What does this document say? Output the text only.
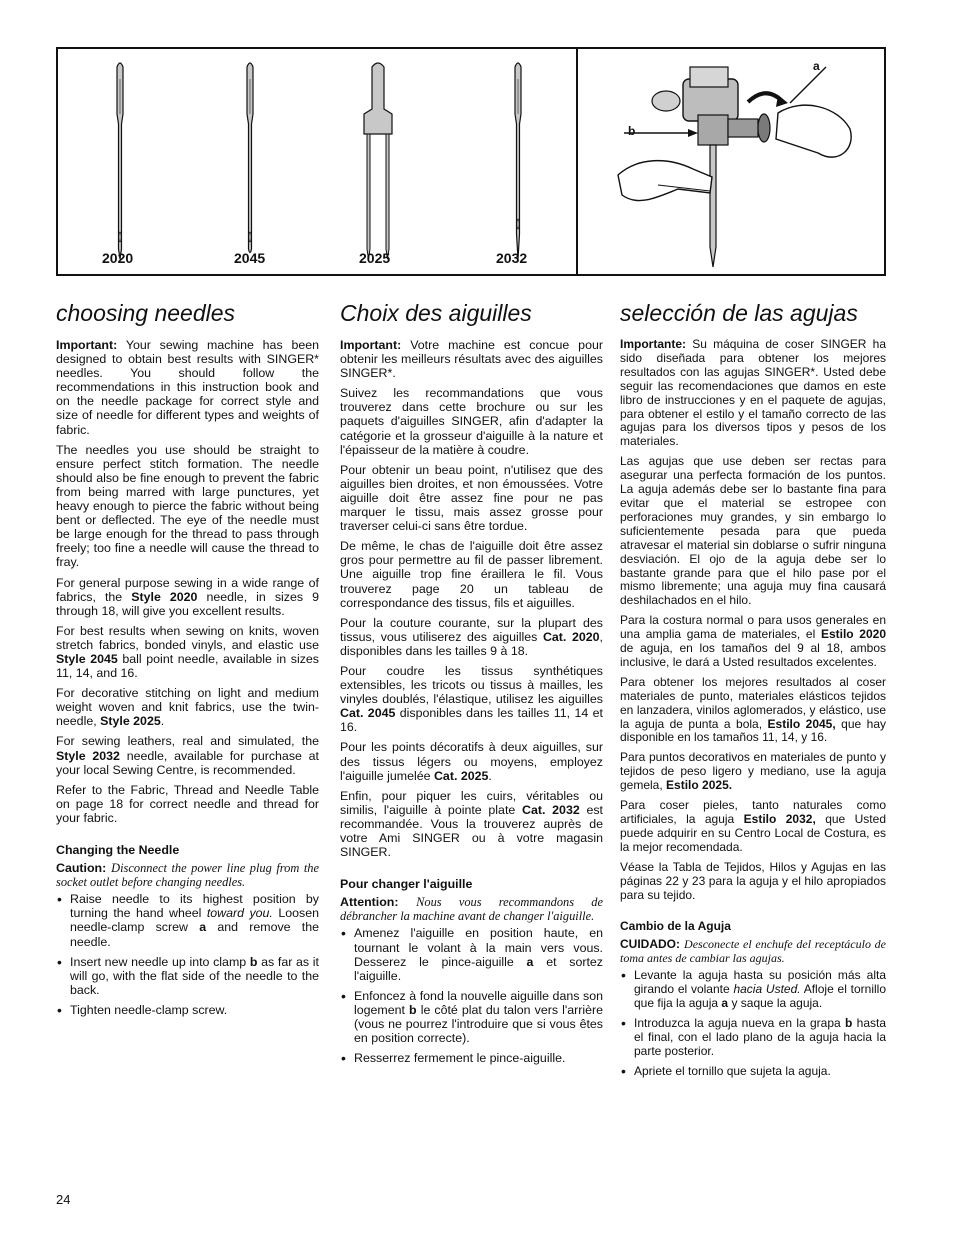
2020	2045	2025	2032
a
b
choosing needles

Important: Your sewing machine has been designed to obtain best results with SINGER* needles. You should follow the recommendations in this instruction book and on the needle package for correct style and size of needle for different types and weights of fabric.

The needles you use should be straight to ensure perfect stitch formation. The needle should also be fine enough to prevent the fabric from being marred with large punctures, yet heavy enough to pierce the fabric without being bent or deflected. The eye of the needle must be large enough for the thread to pass through freely; too fine a needle will cause the thread to fray.

For general purpose sewing in a wide range of fabrics, the Style 2020 needle, in sizes 9 through 18, will give you excellent results.

For best results when sewing on knits, woven stretch fabrics, bonded vinyls, and elastic use Style 2045 ball point needle, available in sizes 11, 14, and 16.

For decorative stitching on light and medium weight woven and knit fabrics, use the twin-needle, Style 2025.

For sewing leathers, real and simulated, the Style 2032 needle, available for purchase at your local Sewing Centre, is recommended.

Refer to the Fabric, Thread and Needle Table on page 18 for correct needle and thread for your fabric.

Changing the Needle

Caution: Disconnect the power line plug from the socket outlet before changing needles.

• Raise needle to its highest position by turning the hand wheel toward you. Loosen needle-clamp screw a and remove the needle.
• Insert new needle up into clamp b as far as it will go, with the flat side of the needle to the back.
• Tighten needle-clamp screw.
Choix des aiguilles

Important: Votre machine est concue pour obtenir les meilleurs résultats avec des aiguilles SINGER*.

Suivez les recommandations que vous trouverez dans cette brochure ou sur les paquets d'aiguilles SINGER, afin d'adapter la catégorie et la grosseur d'aiguille à la nature et l'épaisseur de la matière à coudre.

Pour obtenir un beau point, n'utilisez que des aiguilles bien droites, et non émoussées. Votre aiguille doit être assez fine pour ne pas marquer le tissu, mais assez grosse pour traverser celui-ci sans être tordue.

De même, le chas de l'aiguille doit être assez gros pour permettre au fil de passer librement. Une aiguille trop fine éraillera le fil. Vous trouverez page 20 un tableau de correspondance des tissus, fils et aiguilles.

Pour la couture courante, sur la plupart des tissus, vous utiliserez des aiguilles Cat. 2020, disponibles dans les tailles 9 à 18.

Pour coudre les tissus synthétiques extensibles, les tricots ou tissus à mailles, les vinyles doublés, l'élastique, utilisez les aiguilles Cat. 2045 disponibles dans les tailles 11, 14 et 16.

Pour les points décoratifs à deux aiguilles, sur des tissus légers ou moyens, employez l'aiguille jumelée Cat. 2025.

Enfin, pour piquer les cuirs, véritables ou similis, l'aiguille à pointe plate Cat. 2032 est recommandée. Vous la trouverez auprès de votre Ami SINGER ou à votre magasin SINGER.

Pour changer l'aiguille

Attention: Nous vous recommandons de débrancher la machine avant de changer l'aiguille.

• Amenez l'aiguille en position haute, en tournant le volant à la main vers vous. Desserez le pince-aiguille a et sortez l'aiguille.
• Enfoncez à fond la nouvelle aiguille dans son logement b le côté plat du talon vers l'arrière (vous ne pourrez l'introduire que si vous êtes en position correcte).
• Resserrez fermement le pince-aiguille.
selección de las agujas

Importante: Su máquina de coser SINGER ha sido diseñada para obtener los mejores resultados con las agujas SINGER*. Usted debe seguir las recomendaciones que damos en este libro de instrucciones y en el paquete de agujas, para obtener el estilo y el tamaño correcto de las agujas para los diversos tipos y pesos de los materiales.

Las agujas que use deben ser rectas para asegurar una perfecta formación de los puntos. La aguja además debe ser lo bastante fina para evitar que el material se estropee con perforaciones muy grandes, y sin embargo lo suficientemente pesada para que pueda atravesar el material sin doblarse o sufrir ninguna desviación. El ojo de la aguja debe ser lo bastante grande para que el hilo pase por el mismo libremente; una aguja muy fina causará deshilachados en el hilo.

Para la costura normal o para usos generales en una amplia gama de materiales, el Estilo 2020 de aguja, en los tamaños del 9 al 18, ambos inclusive, le dará a Usted resultados excelentes.

Para obtener los mejores resultados al coser materiales de punto, materiales elásticos tejidos en lanzadera, vinilos aglomerados, y elástico, use la aguja de punta a bola, Estilo 2045, que hay disponible en los tamaños 11, 14, y 16.

Para puntos decorativos en materiales de punto y tejidos de peso ligero y mediano, use la aguja gemela, Estilo 2025.

Para coser pieles, tanto naturales como artificiales, la aguja Estilo 2032, que Usted puede adquirir en su Centro Local de Costura, es la mejor recomendada.

Véase la Tabla de Tejidos, Hilos y Agujas en las páginas 22 y 23 para la aguja y el hilo apropiados para su tejido.

Cambio de la Aguja

CUIDADO: Desconecte el enchufe del receptáculo de toma antes de cambiar las agujas.

• Levante la aguja hasta su posición más alta girando el volante hacia Usted. Afloje el tornillo que fija la aguja a y saque la aguja.
• Introduzca la aguja nueva en la grapa b hasta el final, con el lado plano de la aguja hacia la parte posterior.
• Apriete el tornillo que sujeta la aguja.
24
